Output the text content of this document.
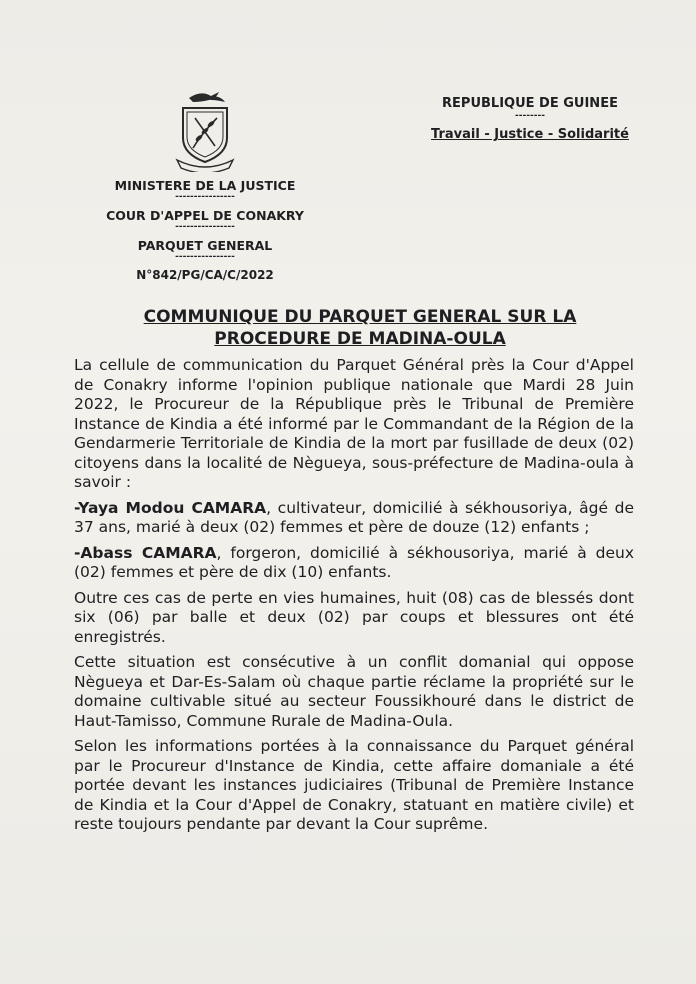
MINISTERE DE LA JUSTICE

----------------

COUR D'APPEL DE CONAKRY

----------------

PARQUET GENERAL

----------------

N°842/PG/CA/C/2022

REPUBLIQUE DE GUINEE

--------

Travail - Justice - Solidarité

COMMUNIQUE DU PARQUET GENERAL SUR LA
PROCEDURE DE MADINA-OULA

La cellule de communication du Parquet Général près la Cour d'Appel de Conakry informe l'opinion publique nationale que Mardi 28 Juin 2022, le Procureur de la République près le Tribunal de Première Instance de Kindia a été informé par le Commandant de la Région de la Gendarmerie Territoriale de Kindia de la mort par fusillade de deux (02) citoyens dans la localité de Nègueya, sous-préfecture de Madina-oula à savoir :

-Yaya Modou CAMARA, cultivateur, domicilié à sékhousoriya, âgé de 37 ans, marié à deux (02) femmes et père de douze (12) enfants ;

-Abass CAMARA, forgeron, domicilié à sékhousoriya, marié à deux (02) femmes et père de dix (10) enfants.

Outre ces cas de perte en vies humaines, huit (08) cas de blessés dont six (06) par balle et deux (02) par coups et blessures ont été enregistrés.

Cette situation est consécutive à un conflit domanial qui oppose Nègueya et Dar-Es-Salam où chaque partie réclame la propriété sur le domaine cultivable situé au secteur Foussikhouré dans le district de Haut-Tamisso, Commune Rurale de Madina-Oula.

Selon les informations portées à la connaissance du Parquet général par le Procureur d'Instance de Kindia, cette affaire domaniale a été portée devant les instances judiciaires (Tribunal de Première Instance de Kindia et la Cour d'Appel de Conakry, statuant en matière civile) et reste toujours pendante par devant la Cour suprême.
